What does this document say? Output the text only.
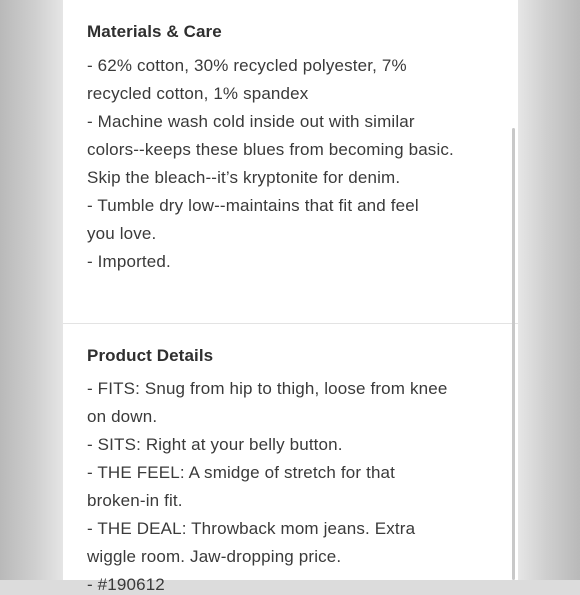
Materials & Care
- 62% cotton, 30% recycled polyester, 7%
recycled cotton, 1% spandex
- Machine wash cold inside out with similar
colors--keeps these blues from becoming basic.
Skip the bleach--it’s kryptonite for denim.
- Tumble dry low--maintains that fit and feel
you love.
- Imported.
Product Details
- FITS: Snug from hip to thigh, loose from knee
on down.
- SITS: Right at your belly button.
- THE FEEL: A smidge of stretch for that
broken-in fit.
- THE DEAL: Throwback mom jeans. Extra
wiggle room. Jaw-dropping price.
- #190612
